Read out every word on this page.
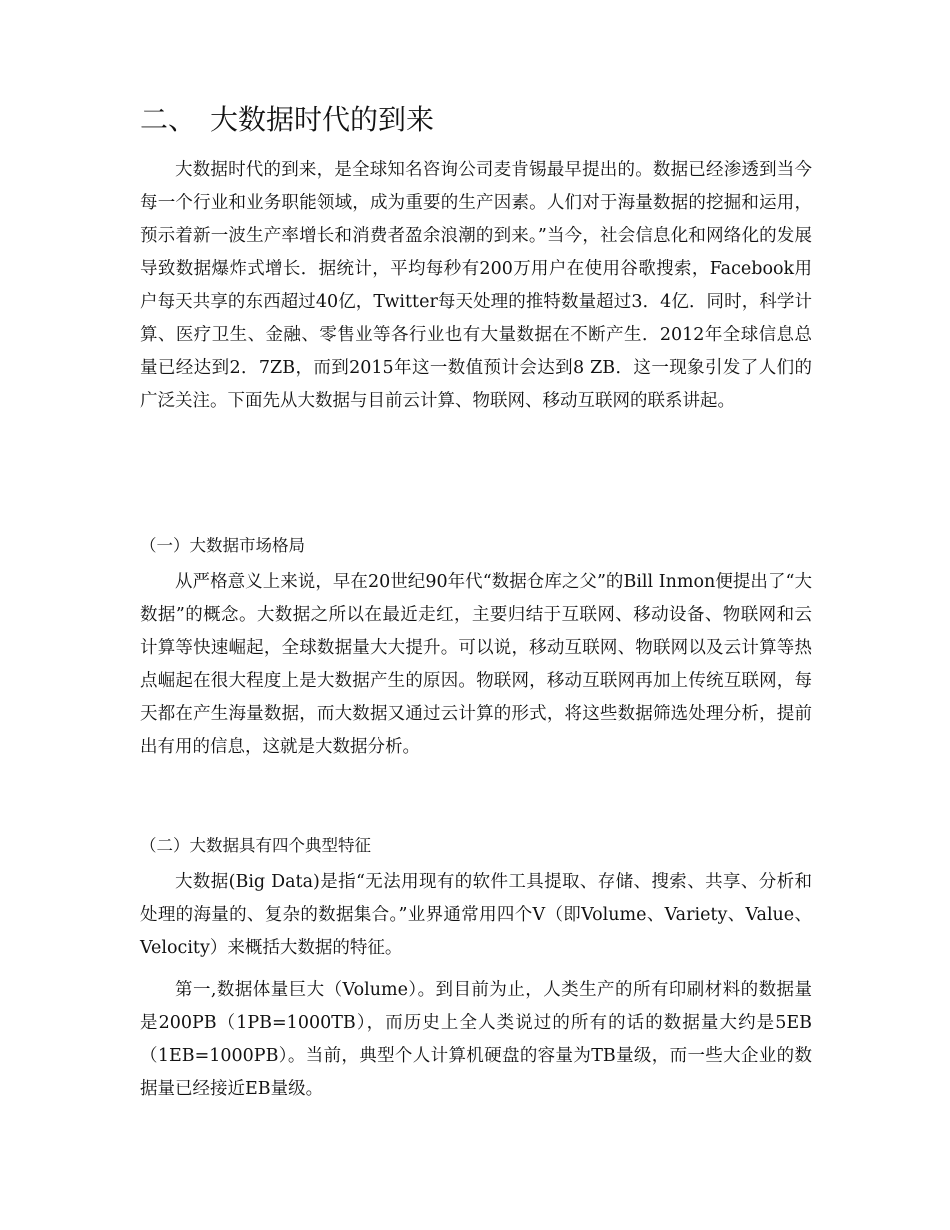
二、 大数据时代的到来

大数据时代的到来，是全球知名咨询公司麦肯锡最早提出的。数据已经渗透到当今每一个行业和业务职能领域，成为重要的生产因素。人们对于海量数据的挖掘和运用，预示着新一波生产率增长和消费者盈余浪潮的到来。”当今，社会信息化和网络化的发展导致数据爆炸式增长．据统计，平均每秒有200万用户在使用谷歌搜索，Facebook用户每天共享的东西超过40亿，Twitter每天处理的推特数量超过3．4亿．同时，科学计算、医疗卫生、金融、零售业等各行业也有大量数据在不断产生．2012年全球信息总量已经达到2．7ZB，而到2015年这一数值预计会达到8 ZB．这一现象引发了人们的广泛关注。下面先从大数据与目前云计算、物联网、移动互联网的联系讲起。

（一）大数据市场格局

从严格意义上来说，早在20世纪90年代“数据仓库之父”的Bill Inmon便提出了“大数据”的概念。大数据之所以在最近走红，主要归结于互联网、移动设备、物联网和云计算等快速崛起，全球数据量大大提升。可以说，移动互联网、物联网以及云计算等热点崛起在很大程度上是大数据产生的原因。物联网，移动互联网再加上传统互联网，每天都在产生海量数据，而大数据又通过云计算的形式，将这些数据筛选处理分析，提前出有用的信息，这就是大数据分析。

（二）大数据具有四个典型特征

大数据(Big Data)是指“无法用现有的软件工具提取、存储、搜索、共享、分析和处理的海量的、复杂的数据集合。”业界通常用四个V（即Volume、Variety、Value、Velocity）来概括大数据的特征。

第一,数据体量巨大（Volume）。到目前为止，人类生产的所有印刷材料的数据量是200PB（1PB=1000TB），而历史上全人类说过的所有的话的数据量大约是5EB（1EB=1000PB）。当前，典型个人计算机硬盘的容量为TB量级，而一些大企业的数据量已经接近EB量级。
